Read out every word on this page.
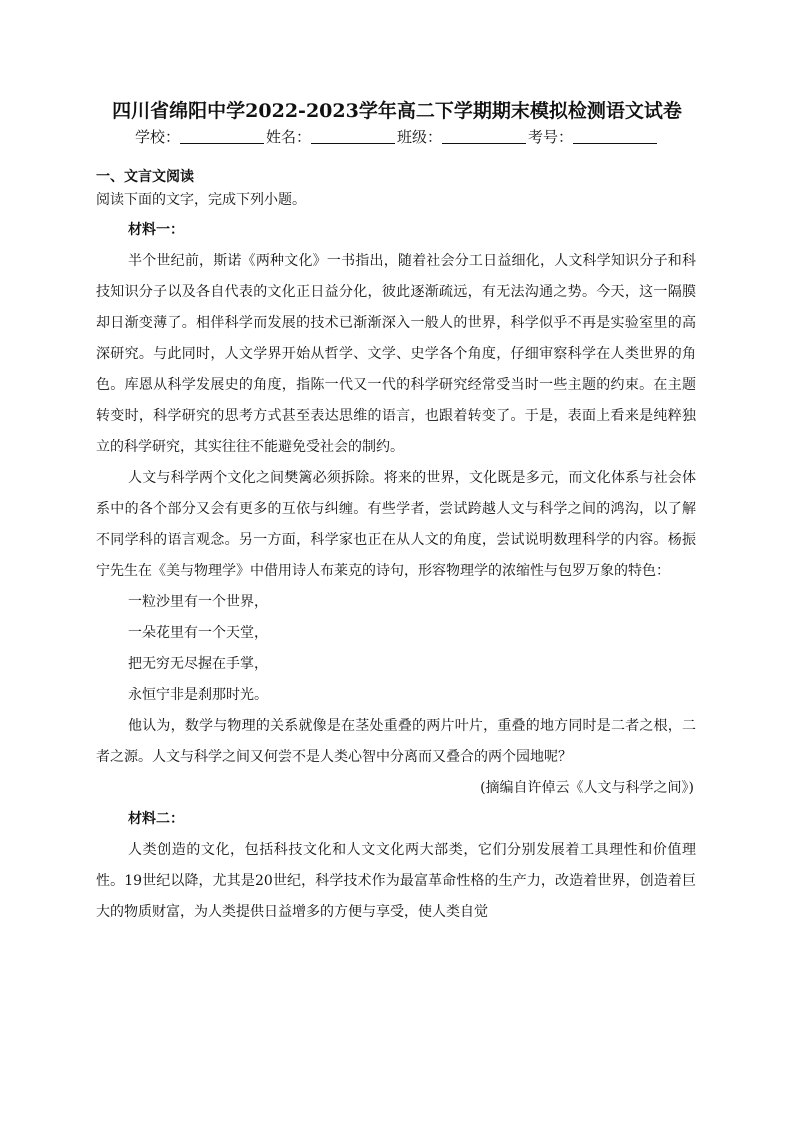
四川省绵阳中学2022-2023学年高二下学期期末模拟检测语文试卷
学校：	姓名：	班级：	考号：
一、文言文阅读
阅读下面的文字，完成下列小题。

材料一：

半个世纪前，斯诺《两种文化》一书指出，随着社会分工日益细化，人文科学知识分子和科技知识分子以及各自代表的文化正日益分化，彼此逐渐疏远，有无法沟通之势。今天，这一隔膜却日渐变薄了。相伴科学而发展的技术已渐渐深入一般人的世界，科学似乎不再是实验室里的高深研究。与此同时，人文学界开始从哲学、文学、史学各个角度，仔细审察科学在人类世界的角色。库恩从科学发展史的角度，指陈一代又一代的科学研究经常受当时一些主题的约束。在主题转变时，科学研究的思考方式甚至表达思维的语言，也跟着转变了。于是，表面上看来是纯粹独立的科学研究，其实往往不能避免受社会的制约。

人文与科学两个文化之间樊篱必须拆除。将来的世界，文化既是多元，而文化体系与社会体系中的各个部分又会有更多的互依与纠缠。有些学者，尝试跨越人文与科学之间的鸿沟，以了解不同学科的语言观念。另一方面，科学家也正在从人文的角度，尝试说明数理科学的内容。杨振宁先生在《美与物理学》中借用诗人布莱克的诗句，形容物理学的浓缩性与包罗万象的特色：

一粒沙里有一个世界，

一朵花里有一个天堂，

把无穷无尽握在手掌，

永恒宁非是刹那时光。

他认为，数学与物理的关系就像是在茎处重叠的两片叶片，重叠的地方同时是二者之根，二者之源。人文与科学之间又何尝不是人类心智中分离而又叠合的两个园地呢？

(摘编自许倬云《人文与科学之间》)

材料二：

人类创造的文化，包括科技文化和人文文化两大部类，它们分别发展着工具理性和价值理性。19世纪以降，尤其是20世纪，科学技术作为最富革命性格的生产力，改造着世界，创造着巨大的物质财富，为人类提供日益增多的方便与享受，使人类自觉
